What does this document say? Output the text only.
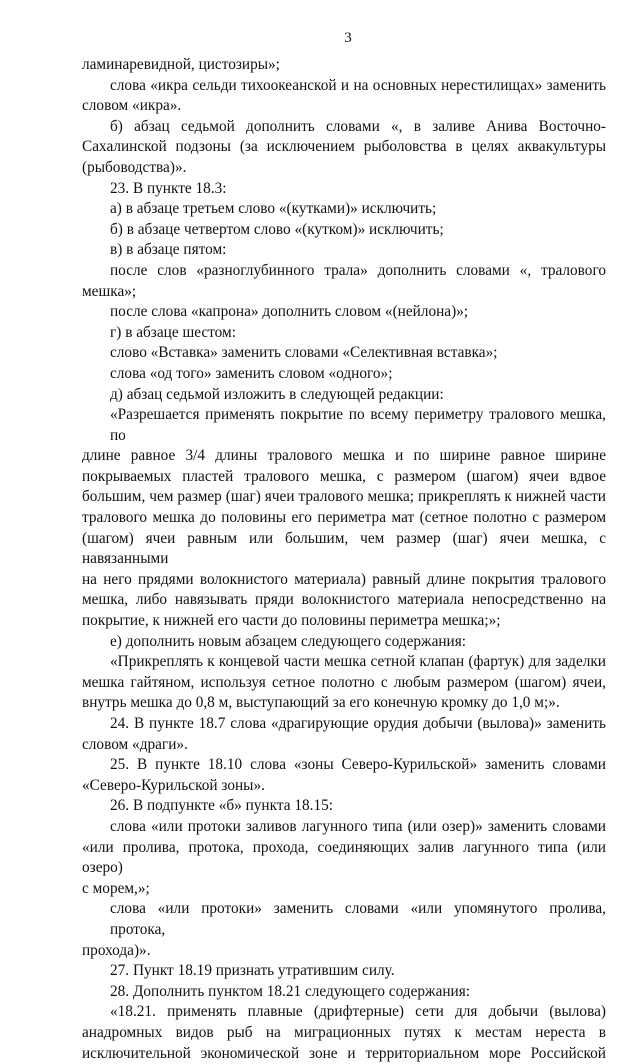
3
ламинаревидной, цистозиры»;
слова «икра сельди тихоокеанской и на основных нерестилищах» заменить
словом «икра».
б) абзац седьмой дополнить словами «, в заливе Анива Восточно-
Сахалинской подзоны (за исключением рыболовства в целях аквакультуры
(рыбоводства)».
23. В пункте 18.3:
а) в абзаце третьем слово «(кутками)» исключить;
б) в абзаце четвертом слово «(кутком)» исключить;
в) в абзаце пятом:
после слов «разноглубинного трала» дополнить словами «, тралового
мешка»;
после слова «капрона» дополнить словом «(нейлона)»;
г) в абзаце шестом:
слово «Вставка» заменить словами «Селективная вставка»;
слова «од того» заменить словом «одного»;
д) абзац седьмой изложить в следующей редакции:
«Разрешается применять покрытие по всему периметру тралового мешка, по
длине равное 3/4 длины тралового мешка и по ширине равное ширине
покрываемых пластей тралового мешка, с размером (шагом) ячеи вдвое
большим, чем размер (шаг) ячеи тралового мешка; прикреплять к нижней части
тралового мешка до половины его периметра мат (сетное полотно с размером
(шагом) ячеи равным или большим, чем размер (шаг) ячеи мешка, с навязанными
на него прядями волокнистого материала) равный длине покрытия тралового
мешка, либо навязывать пряди волокнистого материала непосредственно на
покрытие, к нижней его части до половины периметра мешка;»;
е) дополнить новым абзацем следующего содержания:
«Прикреплять к концевой части мешка сетной клапан (фартук) для заделки
мешка гайтяном, используя сетное полотно с любым размером (шагом) ячеи,
внутрь мешка до 0,8 м, выступающий за его конечную кромку до 1,0 м;».
24. В пункте 18.7 слова «драгирующие орудия добычи (вылова)» заменить
словом «драги».
25. В пункте 18.10 слова «зоны Северо-Курильской» заменить словами
«Северо-Курильской зоны».
26. В подпункте «б» пункта 18.15:
слова «или протоки заливов лагунного типа (или озер)» заменить словами
«или пролива, протока, прохода, соединяющих залив лагунного типа (или озеро)
с морем,»;
слова «или протоки» заменить словами «или упомянутого пролива, протока,
прохода)».
27. Пункт 18.19 признать утратившим силу.
28. Дополнить пунктом 18.21 следующего содержания:
«18.21. применять плавные (дрифтерные) сети для добычи (вылова)
анадромных видов рыб на миграционных путях к местам нереста в
исключительной экономической зоне и территориальном море Российской
